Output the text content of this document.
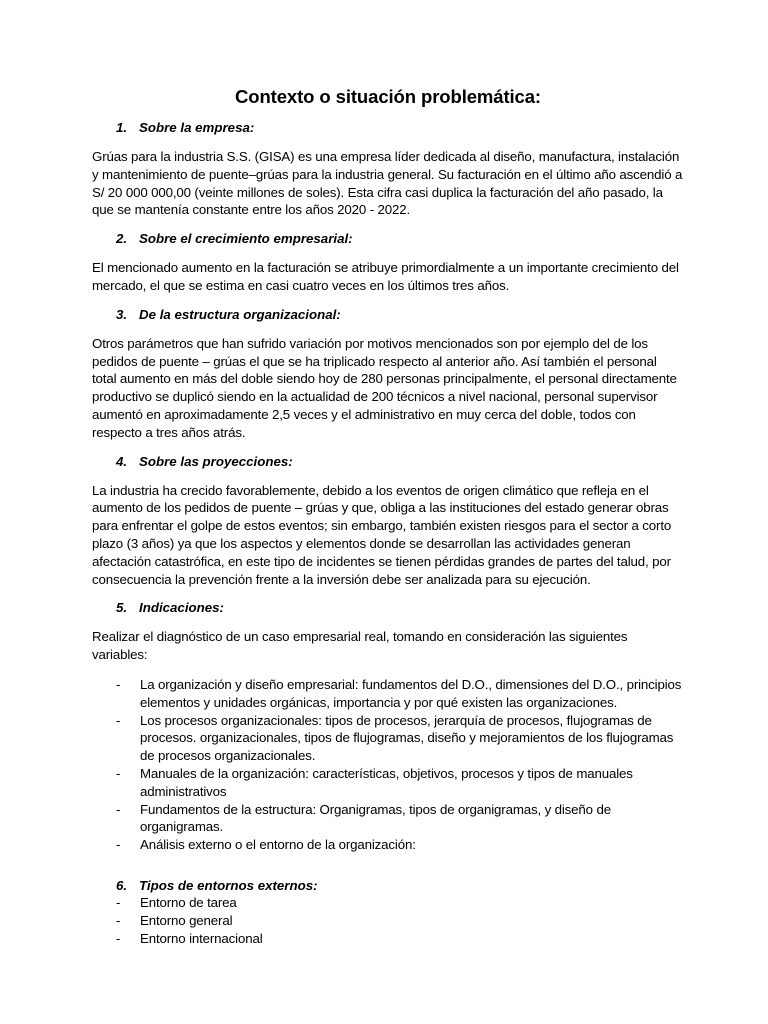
Contexto o situación problemática:
1. Sobre la empresa:

Grúas para la industria S.S. (GISA) es una empresa líder dedicada al diseño, manufactura, instalación y mantenimiento de puente–grúas para la industria general. Su facturación en el último año ascendió a S/ 20 000 000,00 (veinte millones de soles). Esta cifra casi duplica la facturación del año pasado, la que se mantenía constante entre los años 2020 - 2022.

2. Sobre el crecimiento empresarial:

El mencionado aumento en la facturación se atribuye primordialmente a un importante crecimiento del mercado, el que se estima en casi cuatro veces en los últimos tres años.

3. De la estructura organizacional:

Otros parámetros que han sufrido variación por motivos mencionados son por ejemplo del de los pedidos de puente – grúas el que se ha triplicado respecto al anterior año. Así también el personal total aumento en más del doble siendo hoy de 280 personas principalmente, el personal directamente productivo se duplicó siendo en la actualidad de 200 técnicos a nivel nacional, personal supervisor aumentó en aproximadamente 2,5 veces y el administrativo en muy cerca del doble, todos con respecto a tres años atrás.

4. Sobre las proyecciones:

La industria ha crecido favorablemente, debido a los eventos de origen climático que refleja en el aumento de los pedidos de puente – grúas y que, obliga a las instituciones del estado generar obras para enfrentar el golpe de estos eventos; sin embargo, también existen riesgos para el sector a corto plazo (3 años) ya que los aspectos y elementos donde se desarrollan las actividades generan afectación catastrófica, en este tipo de incidentes se tienen pérdidas grandes de partes del talud, por consecuencia la prevención frente a la inversión debe ser analizada para su ejecución.

5. Indicaciones:

Realizar el diagnóstico de un caso empresarial real, tomando en consideración las siguientes variables:

-	La organización y diseño empresarial: fundamentos del D.O., dimensiones del D.O., principios elementos y unidades orgánicas, importancia y por qué existen las organizaciones.
-	Los procesos organizacionales: tipos de procesos, jerarquía de procesos, flujogramas de procesos. organizacionales, tipos de flujogramas, diseño y mejoramientos de los flujogramas de procesos organizacionales.
-	Manuales de la organización: características, objetivos, procesos y tipos de manuales administrativos
-	Fundamentos de la estructura: Organigramas, tipos de organigramas, y diseño de organigramas.
-	Análisis externo o el entorno de la organización:
6. Tipos de entornos externos:
-	Entorno de tarea
-	Entorno general
-	Entorno internacional
